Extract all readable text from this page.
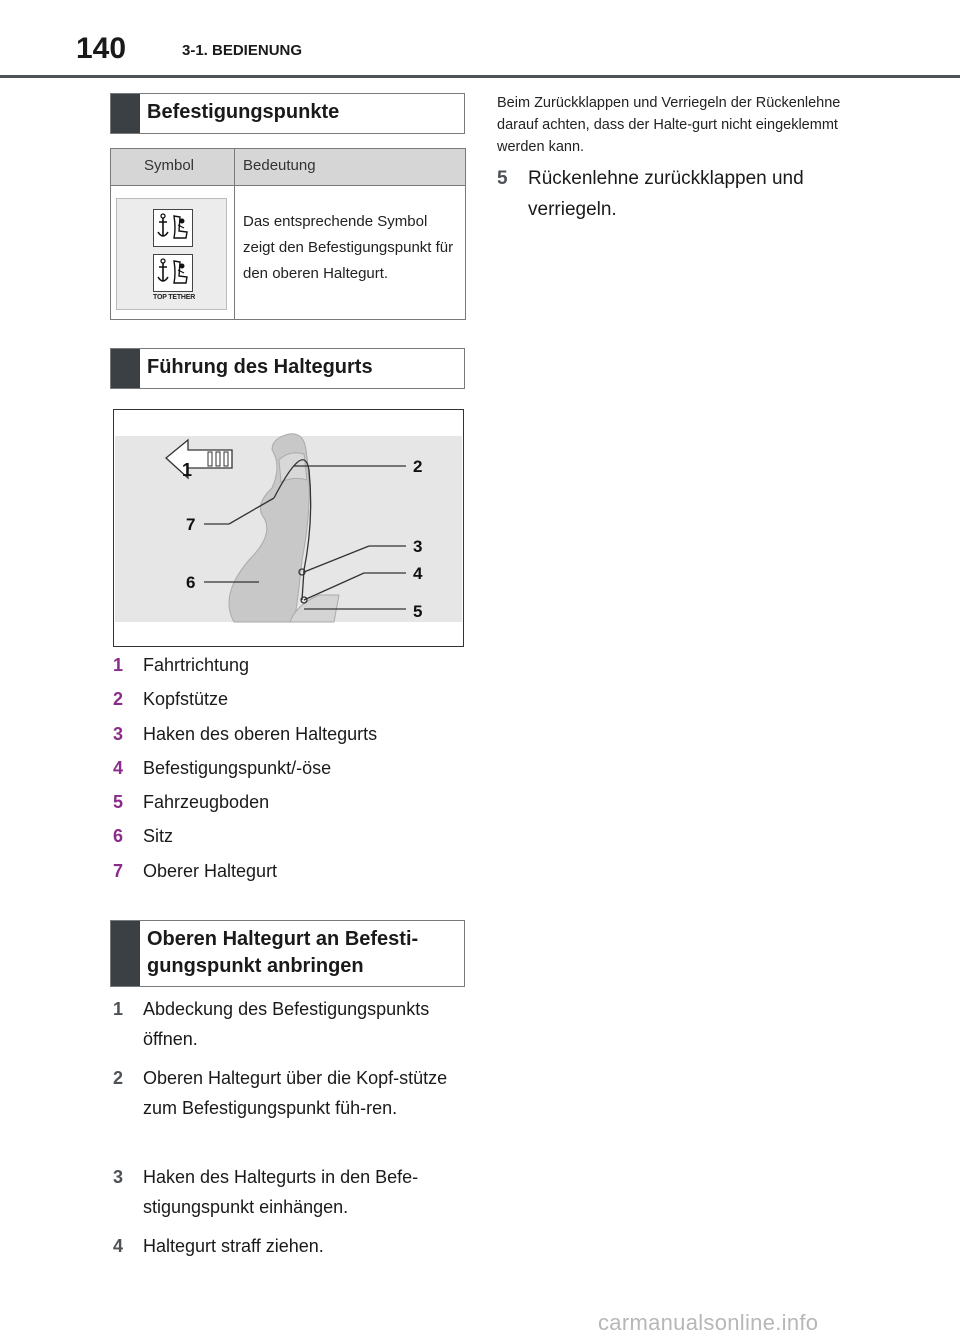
140	3-1. BEDIENUNG
Befestigungspunkte
Symbol	Bedeutung
TOP TETHER
Das entsprechende Symbol zeigt den Befestigungspunkt für den oberen Haltegurt.
Führung des Haltegurts
1	2
3
4
5
6
7
1 Fahrtrichtung
2 Kopfstütze
3 Haken des oberen Haltegurts
4 Befestigungspunkt/-öse
5 Fahrzeugboden
6 Sitz
7 Oberer Haltegurt
Oberen Haltegurt an Befesti-gungspunkt anbringen
1 Abdeckung des Befestigungspunkts öffnen.
2 Oberen Haltegurt über die Kopf-stütze zum Befestigungspunkt füh-ren.
3 Haken des Haltegurts in den Befe-stigungspunkt einhängen.
4 Haltegurt straff ziehen.
Beim Zurückklappen und Verriegeln der Rückenlehne darauf achten, dass der Halte-gurt nicht eingeklemmt werden kann.
5 Rückenlehne zurückklappen und verriegeln.
carmanualsonline.info
